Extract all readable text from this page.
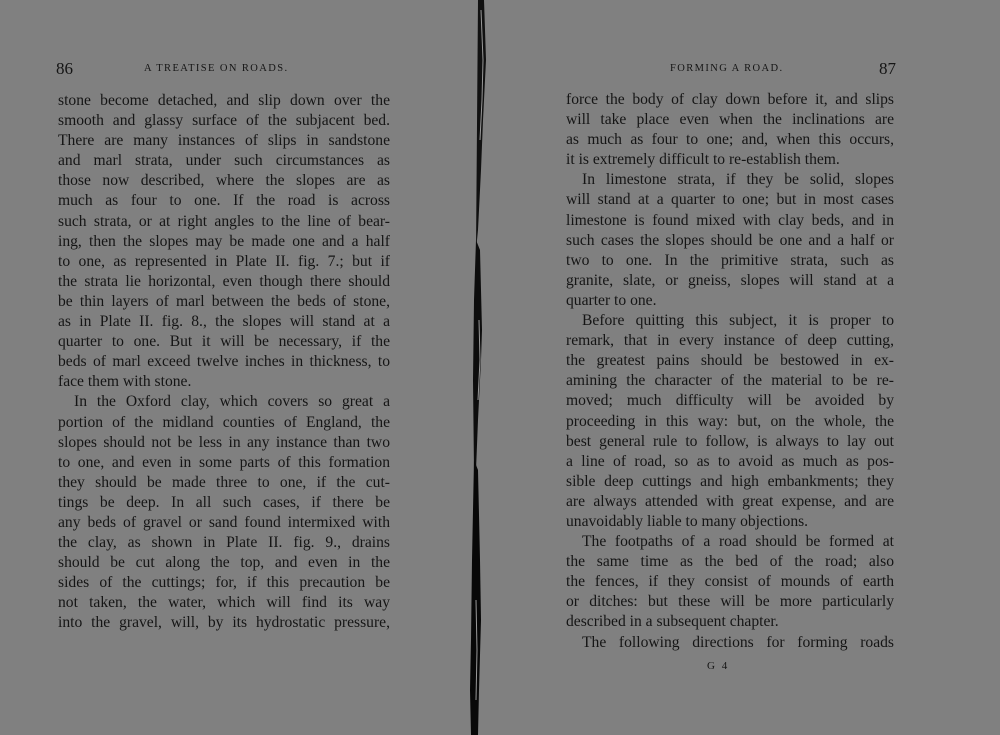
86	A TREATISE ON ROADS.	FORMING A ROAD.	87
stone become detached, and slip down over the
smooth and glassy surface of the subjacent bed.
There are many instances of slips in sandstone
and marl strata, under such circumstances as
those now described, where the slopes are as
much as four to one. If the road is across
such strata, or at right angles to the line of bear-
ing, then the slopes may be made one and a half
to one, as represented in Plate II. fig. 7.; but if
the strata lie horizontal, even though there should
be thin layers of marl between the beds of stone,
as in Plate II. fig. 8., the slopes will stand at a
quarter to one. But it will be necessary, if the
beds of marl exceed twelve inches in thickness, to
face them with stone.
In the Oxford clay, which covers so great a
portion of the midland counties of England, the
slopes should not be less in any instance than two
to one, and even in some parts of this formation
they should be made three to one, if the cut-
tings be deep. In all such cases, if there be
any beds of gravel or sand found intermixed with
the clay, as shown in Plate II. fig. 9., drains
should be cut along the top, and even in the
sides of the cuttings; for, if this precaution be
not taken, the water, which will find its way
into the gravel, will, by its hydrostatic pressure,
force the body of clay down before it, and slips
will take place even when the inclinations are
as much as four to one; and, when this occurs,
it is extremely difficult to re-establish them.
In limestone strata, if they be solid, slopes
will stand at a quarter to one; but in most cases
limestone is found mixed with clay beds, and in
such cases the slopes should be one and a half or
two to one. In the primitive strata, such as
granite, slate, or gneiss, slopes will stand at a
quarter to one.
Before quitting this subject, it is proper to
remark, that in every instance of deep cutting,
the greatest pains should be bestowed in ex-
amining the character of the material to be re-
moved; much difficulty will be avoided by
proceeding in this way: but, on the whole, the
best general rule to follow, is always to lay out
a line of road, so as to avoid as much as pos-
sible deep cuttings and high embankments; they
are always attended with great expense, and are
unavoidably liable to many objections.
The footpaths of a road should be formed at
the same time as the bed of the road; also
the fences, if they consist of mounds of earth
or ditches: but these will be more particularly
described in a subsequent chapter.
The following directions for forming roads
G 4
